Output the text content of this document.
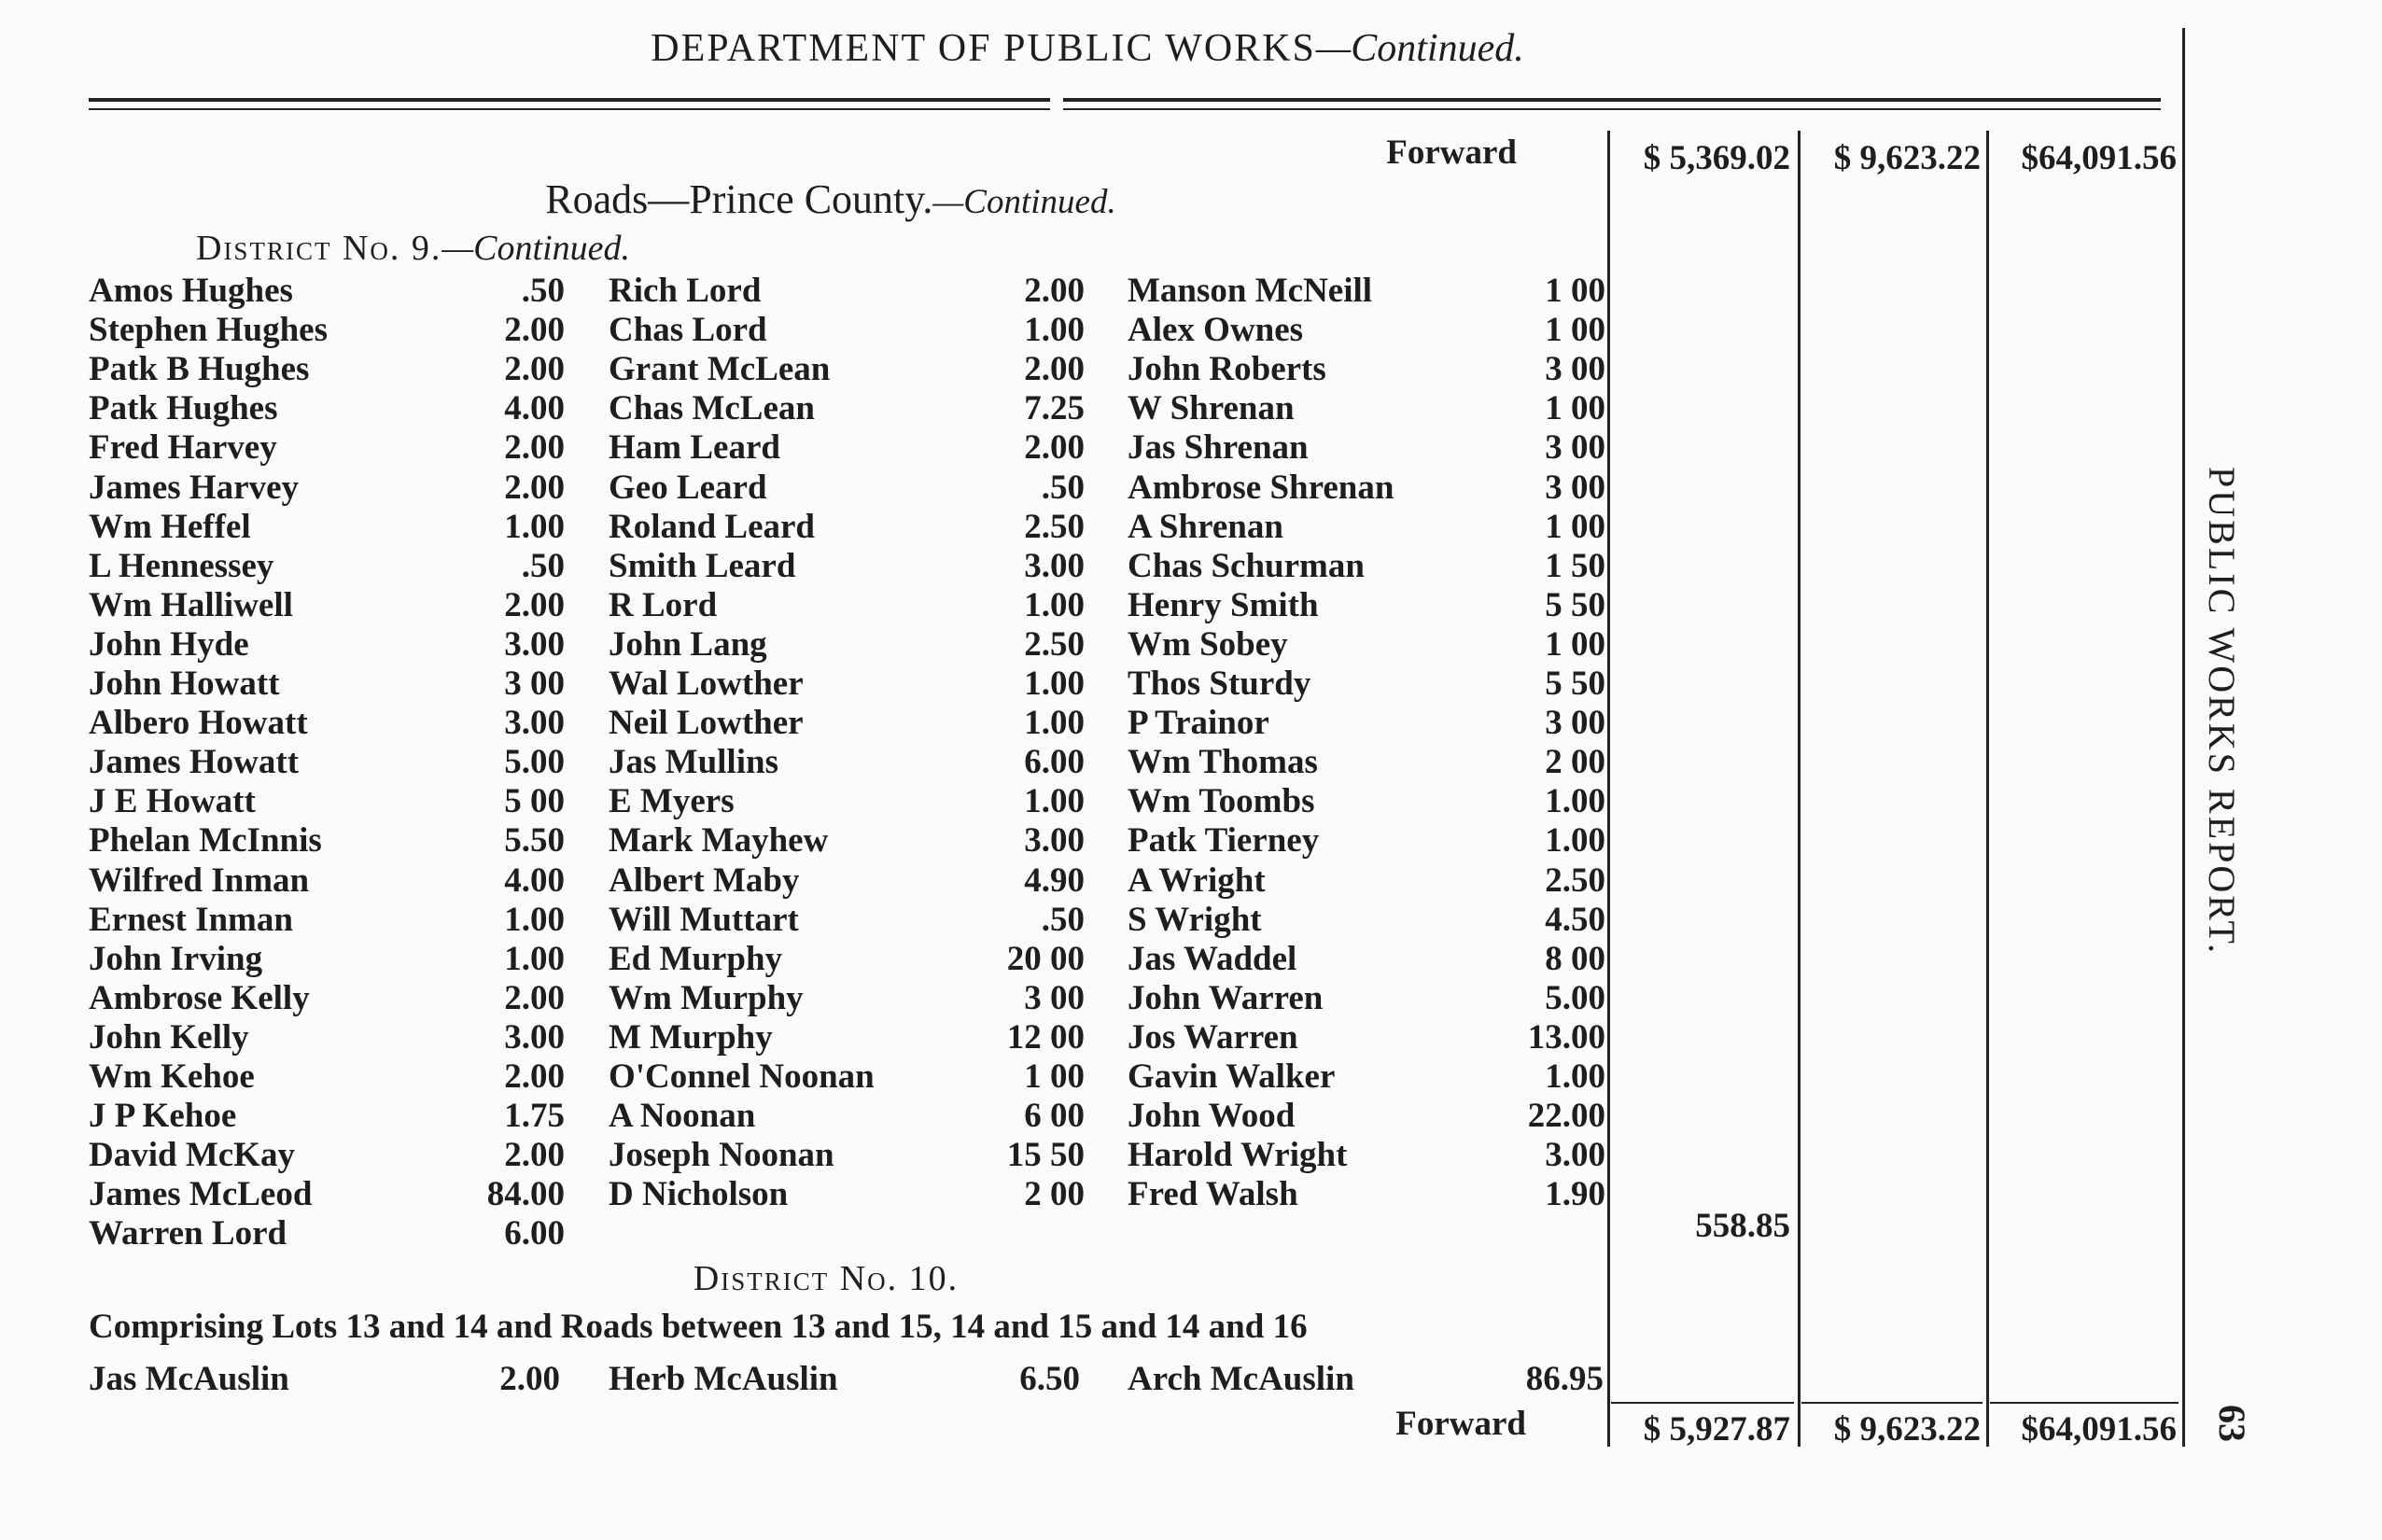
DEPARTMENT OF PUBLIC WORKS—Continued.
Forward	$ 5,369.02	$ 9,623.22	$64,091.56
Roads—Prince County.—Continued.
District No. 9.—Continued.
Amos Hughes	.50
Stephen Hughes	2.00
Patk B Hughes	2.00
Patk Hughes	4.00
Fred Harvey	2.00
James Harvey	2.00
Wm Heffel	1.00
L Hennessey	.50
Wm Halliwell	2.00
John Hyde	3.00
John Howatt	3 00
Albero Howatt	3.00
James Howatt	5.00
J E Howatt	5 00
Phelan McInnis	5.50
Wilfred Inman	4.00
Ernest Inman	1.00
John Irving	1.00
Ambrose Kelly	2.00
John Kelly	3.00
Wm Kehoe	2.00
J P Kehoe	1.75
David McKay	2.00
James McLeod	84.00
Warren Lord	6.00
Rich Lord	2.00
Chas Lord	1.00
Grant McLean	2.00
Chas McLean	7.25
Ham Leard	2.00
Geo Leard	.50
Roland Leard	2.50
Smith Leard	3.00
R Lord	1.00
John Lang	2.50
Wal Lowther	1.00
Neil Lowther	1.00
Jas Mullins	6.00
E Myers	1.00
Mark Mayhew	3.00
Albert Maby	4.90
Will Muttart	.50
Ed Murphy	20 00
Wm Murphy	3 00
M Murphy	12 00
O'Connel Noonan	1 00
A Noonan	6 00
Joseph Noonan	15 50
D Nicholson	2 00
Manson McNeill	1 00
Alex Ownes	1 00
John Roberts	3 00
W Shrenan	1 00
Jas Shrenan	3 00
Ambrose Shrenan	3 00
A Shrenan	1 00
Chas Schurman	1 50
Henry Smith	5 50
Wm Sobey	1 00
Thos Sturdy	5 50
P Trainor	3 00
Wm Thomas	2 00
Wm Toombs	1.00
Patk Tierney	1.00
A Wright	2.50
S Wright	4.50
Jas Waddel	8 00
John Warren	5.00
Jos Warren	13.00
Gavin Walker	1.00
John Wood	22.00
Harold Wright	3.00
Fred Walsh	1.90
558.85
District No. 10.
Comprising Lots 13 and 14 and Roads between 13 and 15, 14 and 15 and 14 and 16
Jas McAuslin	2.00 Herb McAuslin	6.50 Arch McAuslin	86.95
Forward	$ 5,927.87	$ 9,623.22	$64,091.56
PUBLIC WORKS REPORT.
63
